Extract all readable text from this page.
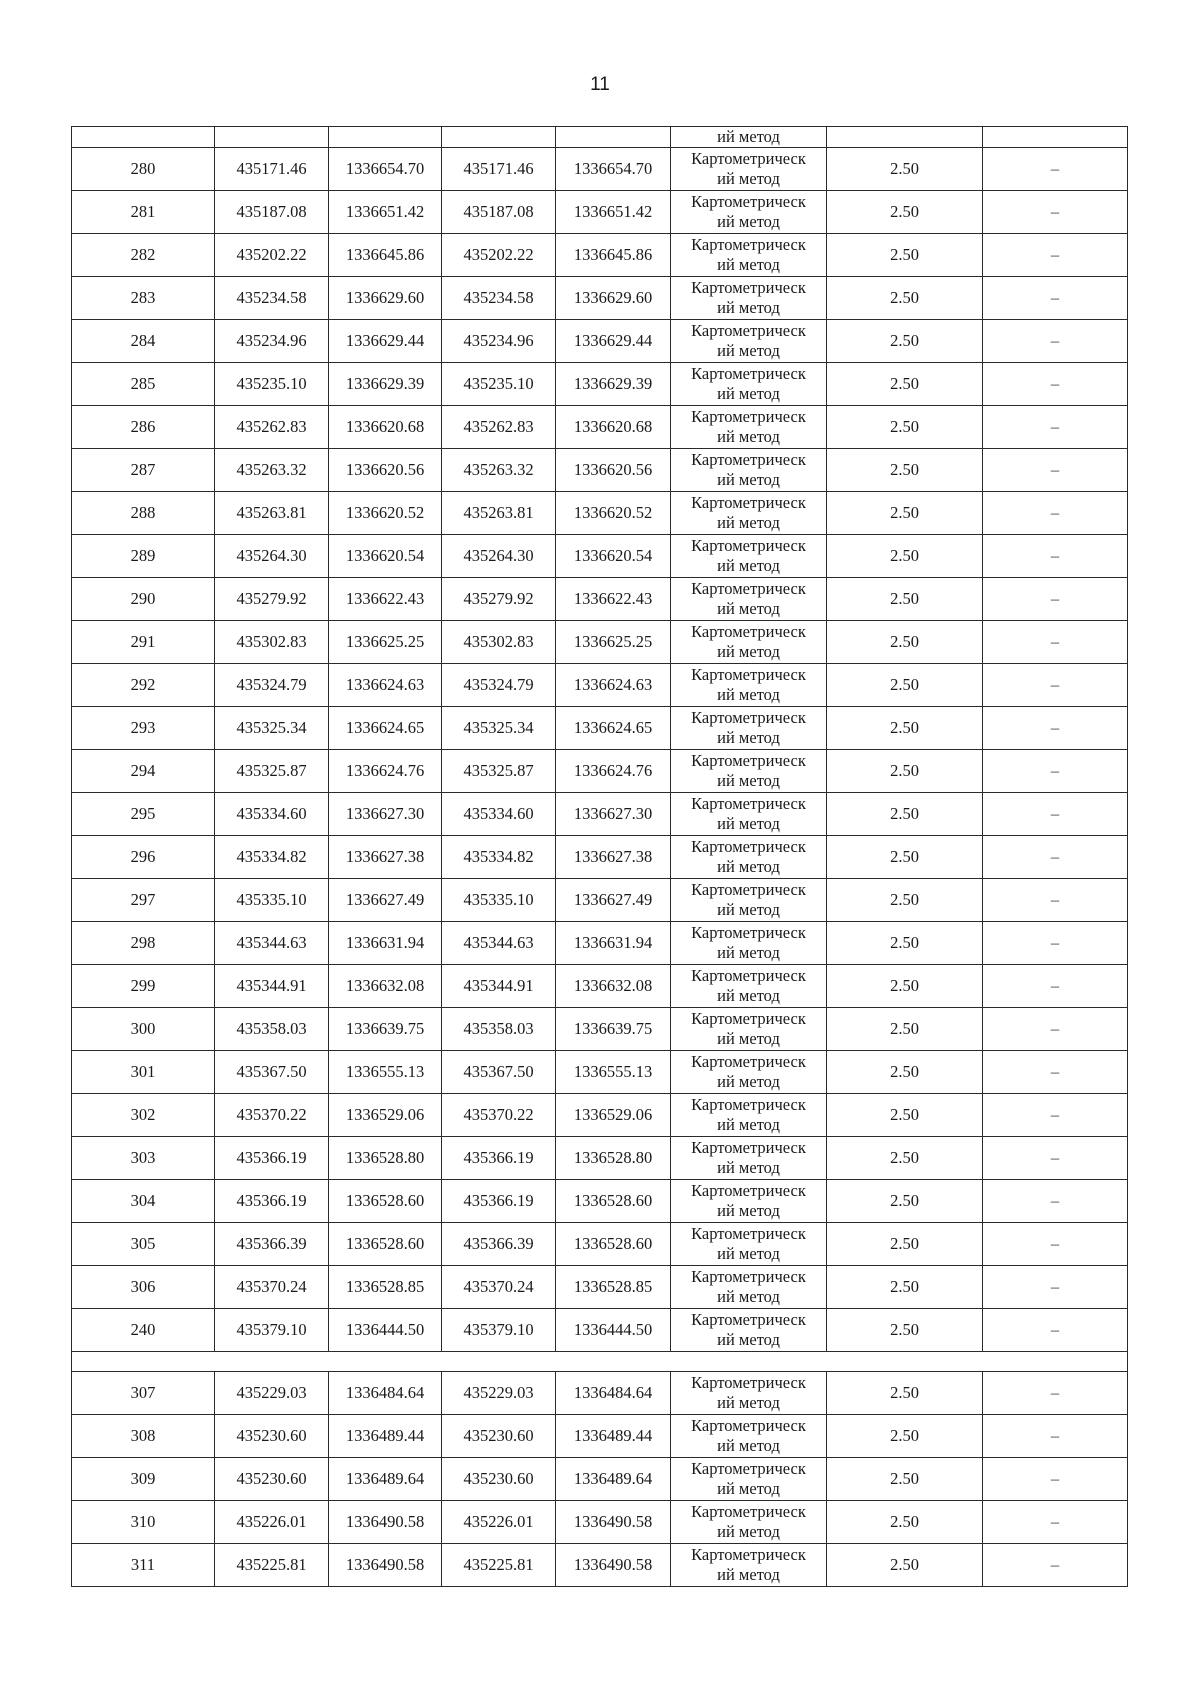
11
					ий метод		
280	435171.46	1336654.70	435171.46	1336654.70	Картометрическ
ий метод	2.50	–
281	435187.08	1336651.42	435187.08	1336651.42	Картометрическ
ий метод	2.50	–
282	435202.22	1336645.86	435202.22	1336645.86	Картометрическ
ий метод	2.50	–
283	435234.58	1336629.60	435234.58	1336629.60	Картометрическ
ий метод	2.50	–
284	435234.96	1336629.44	435234.96	1336629.44	Картометрическ
ий метод	2.50	–
285	435235.10	1336629.39	435235.10	1336629.39	Картометрическ
ий метод	2.50	–
286	435262.83	1336620.68	435262.83	1336620.68	Картометрическ
ий метод	2.50	–
287	435263.32	1336620.56	435263.32	1336620.56	Картометрическ
ий метод	2.50	–
288	435263.81	1336620.52	435263.81	1336620.52	Картометрическ
ий метод	2.50	–
289	435264.30	1336620.54	435264.30	1336620.54	Картометрическ
ий метод	2.50	–
290	435279.92	1336622.43	435279.92	1336622.43	Картометрическ
ий метод	2.50	–
291	435302.83	1336625.25	435302.83	1336625.25	Картометрическ
ий метод	2.50	–
292	435324.79	1336624.63	435324.79	1336624.63	Картометрическ
ий метод	2.50	–
293	435325.34	1336624.65	435325.34	1336624.65	Картометрическ
ий метод	2.50	–
294	435325.87	1336624.76	435325.87	1336624.76	Картометрическ
ий метод	2.50	–
295	435334.60	1336627.30	435334.60	1336627.30	Картометрическ
ий метод	2.50	–
296	435334.82	1336627.38	435334.82	1336627.38	Картометрическ
ий метод	2.50	–
297	435335.10	1336627.49	435335.10	1336627.49	Картометрическ
ий метод	2.50	–
298	435344.63	1336631.94	435344.63	1336631.94	Картометрическ
ий метод	2.50	–
299	435344.91	1336632.08	435344.91	1336632.08	Картометрическ
ий метод	2.50	–
300	435358.03	1336639.75	435358.03	1336639.75	Картометрическ
ий метод	2.50	–
301	435367.50	1336555.13	435367.50	1336555.13	Картометрическ
ий метод	2.50	–
302	435370.22	1336529.06	435370.22	1336529.06	Картометрическ
ий метод	2.50	–
303	435366.19	1336528.80	435366.19	1336528.80	Картометрическ
ий метод	2.50	–
304	435366.19	1336528.60	435366.19	1336528.60	Картометрическ
ий метод	2.50	–
305	435366.39	1336528.60	435366.39	1336528.60	Картометрическ
ий метод	2.50	–
306	435370.24	1336528.85	435370.24	1336528.85	Картометрическ
ий метод	2.50	–
240	435379.10	1336444.50	435379.10	1336444.50	Картометрическ
ий метод	2.50	–

307	435229.03	1336484.64	435229.03	1336484.64	Картометрическ
ий метод	2.50	–
308	435230.60	1336489.44	435230.60	1336489.44	Картометрическ
ий метод	2.50	–
309	435230.60	1336489.64	435230.60	1336489.64	Картометрическ
ий метод	2.50	–
310	435226.01	1336490.58	435226.01	1336490.58	Картометрическ
ий метод	2.50	–
311	435225.81	1336490.58	435225.81	1336490.58	Картометрическ
ий метод	2.50	–
